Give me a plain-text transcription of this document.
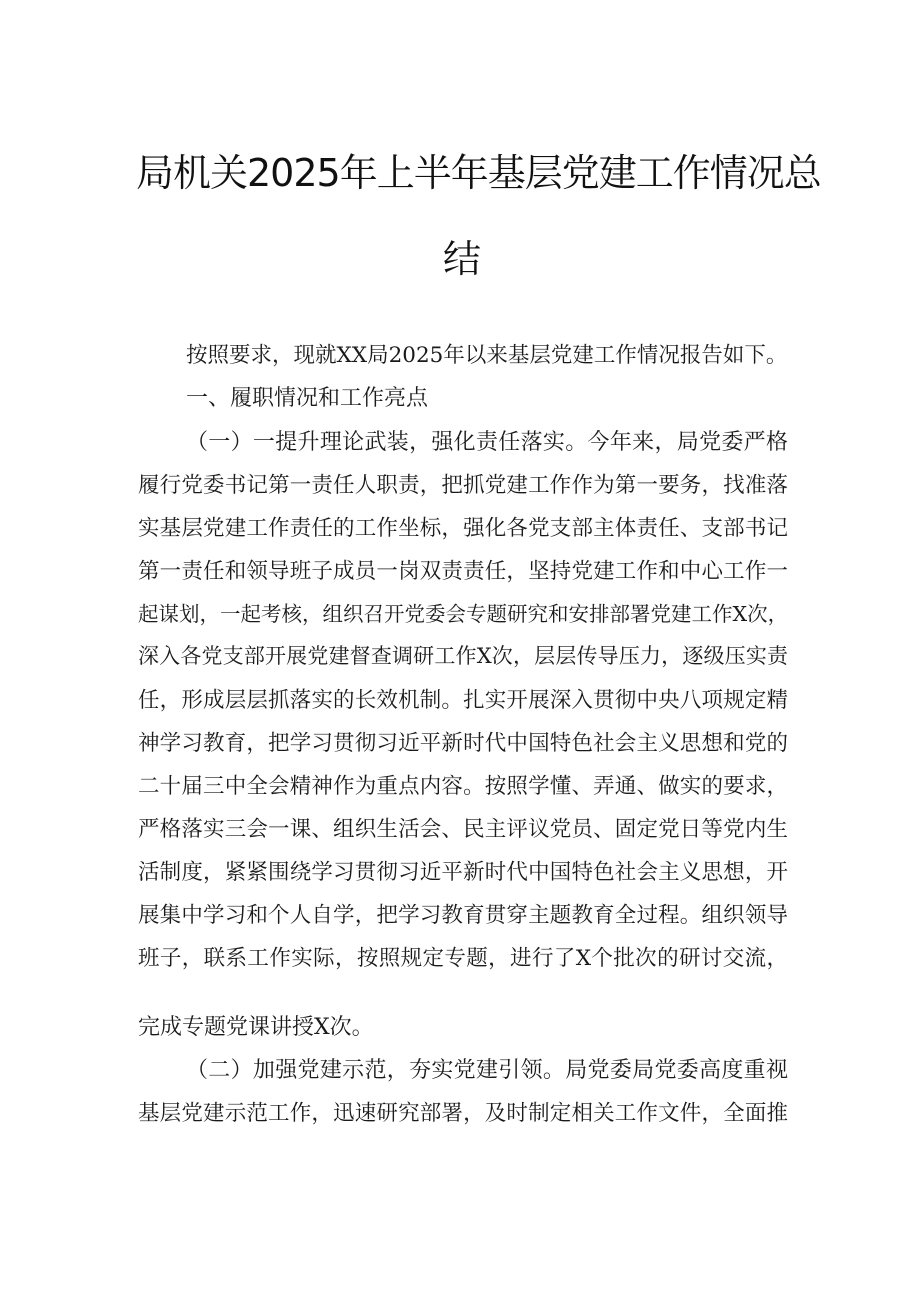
局机关2025年上半年基层党建工作情况总
结
按照要求，现就XX局2025年以来基层党建工作情况报告如下。
一、履职情况和工作亮点
（一）一提升理论武装，强化责任落实。今年来，局党委严格
履行党委书记第一责任人职责，把抓党建工作作为第一要务，找准落
实基层党建工作责任的工作坐标，强化各党支部主体责任、支部书记
第一责任和领导班子成员一岗双责责任，坚持党建工作和中心工作一
起谋划，一起考核，组织召开党委会专题研究和安排部署党建工作X次，
深入各党支部开展党建督查调研工作X次，层层传导压力，逐级压实责
任，形成层层抓落实的长效机制。扎实开展深入贯彻中央八项规定精
神学习教育，把学习贯彻习近平新时代中国特色社会主义思想和党的
二十届三中全会精神作为重点内容。按照学懂、弄通、做实的要求，
严格落实三会一课、组织生活会、民主评议党员、固定党日等党内生
活制度，紧紧围绕学习贯彻习近平新时代中国特色社会主义思想，开
展集中学习和个人自学，把学习教育贯穿主题教育全过程。组织领导
班子，联系工作实际，按照规定专题，进行了X个批次的研讨交流，
完成专题党课讲授X次。
（二）加强党建示范，夯实党建引领。局党委局党委高度重视
基层党建示范工作，迅速研究部署，及时制定相关工作文件，全面推
